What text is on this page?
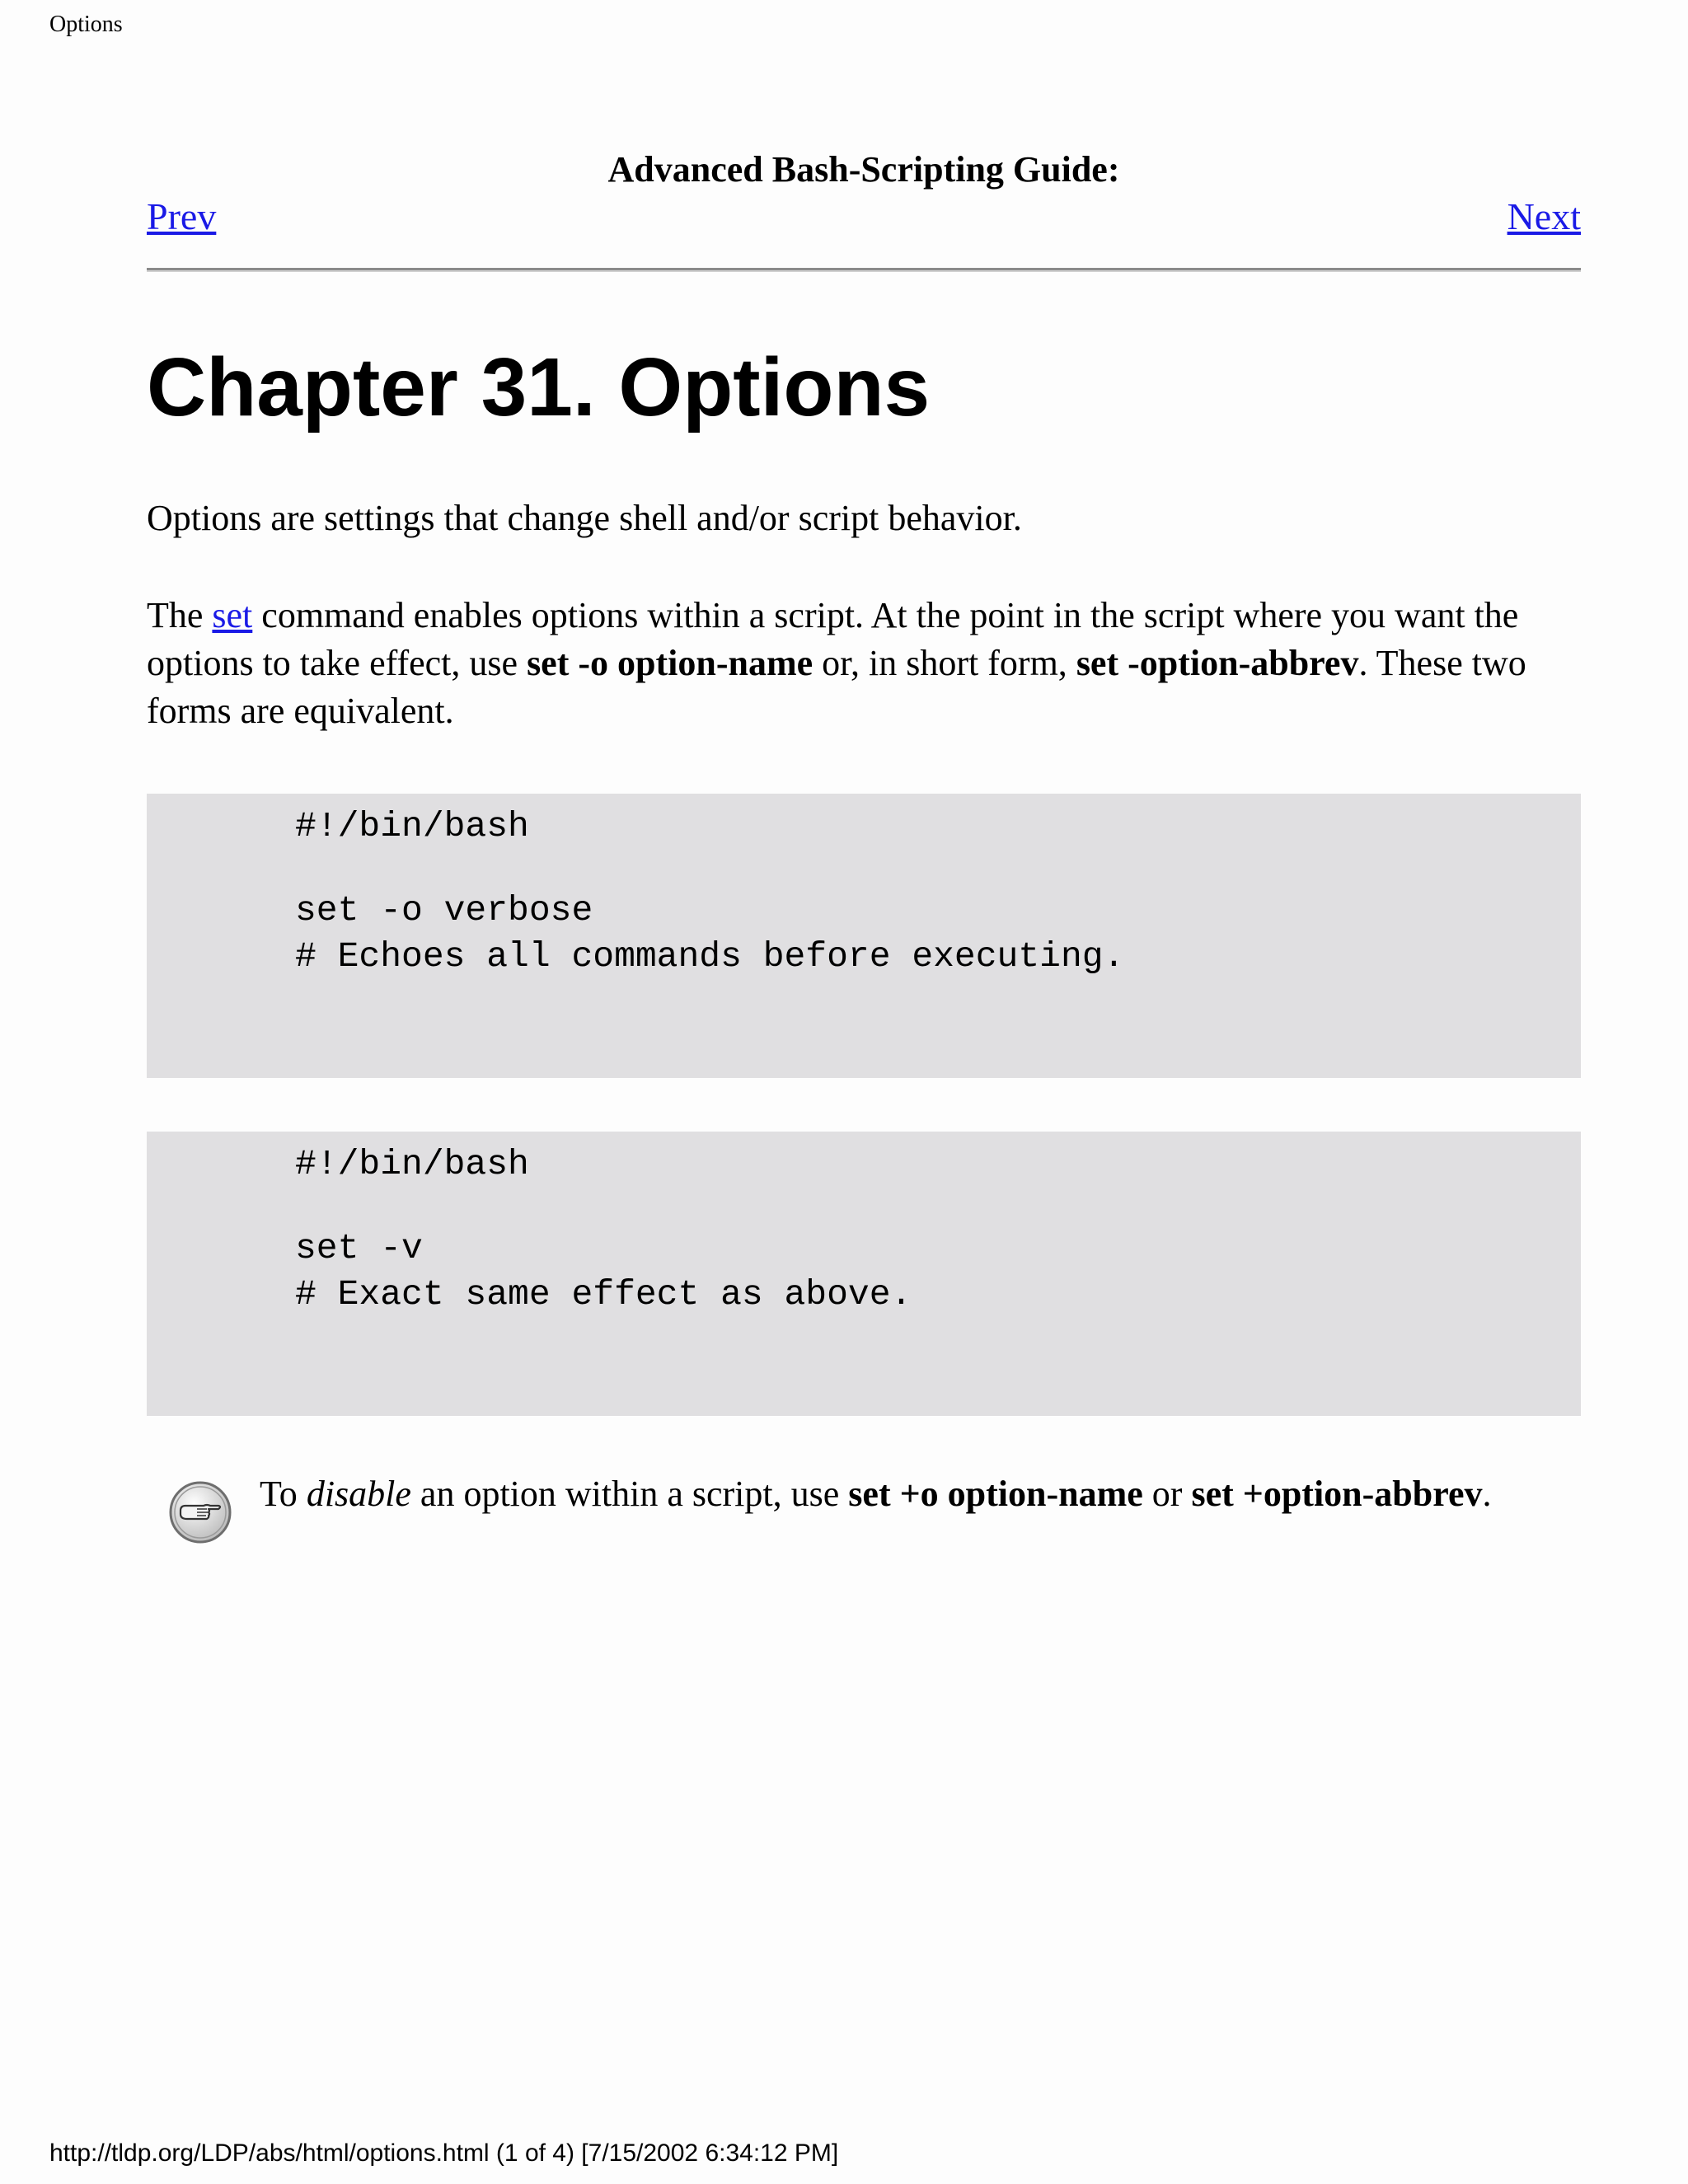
Options
Advanced Bash-Scripting Guide:
Prev	Next
Chapter 31. Options

Options are settings that change shell and/or script behavior.

The set command enables options within a script. At the point in the script where you want the options to take effect, use set -o option-name or, in short form, set -option-abbrev. These two forms are equivalent.

#!/bin/bash
set -o verbose
# Echoes all commands before executing.
#!/bin/bash
set -v
# Exact same effect as above.
To disable an option within a script, use set +o option-name or set +option-abbrev.
http://tldp.org/LDP/abs/html/options.html (1 of 4) [7/15/2002 6:34:12 PM]
